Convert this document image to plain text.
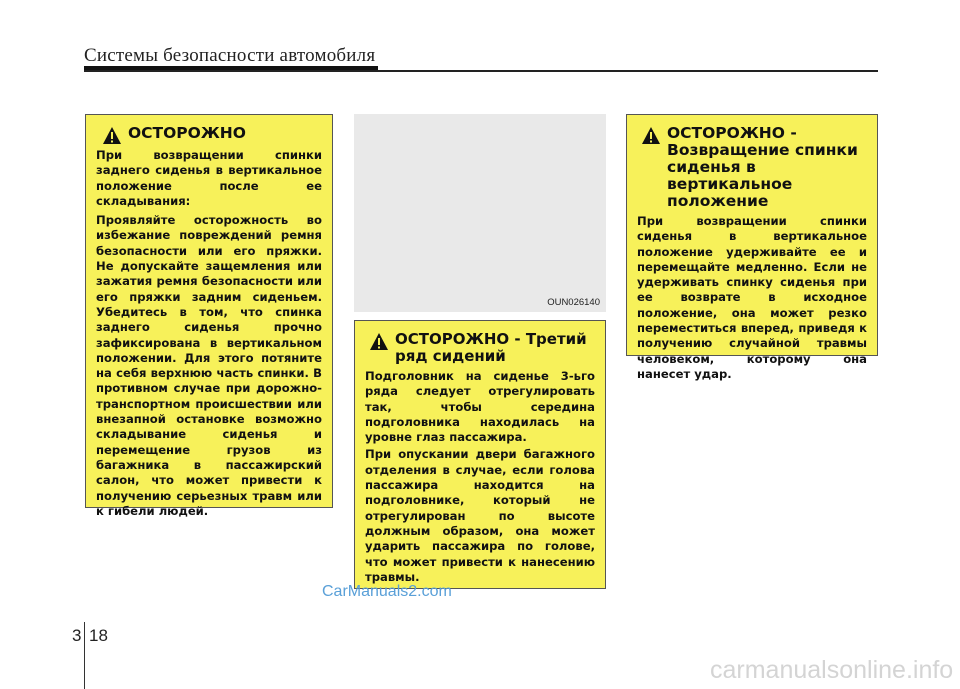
Системы безопасности автомобиля
ОСТОРОЖНО

При возвращении спинки заднего сиденья в вертикальное положение после ее складывания:

Проявляйте осторожность во избежание повреждений ремня безопасности или его пряжки. Не допускайте защемления или зажатия ремня безопасности или его пряжки задним сиденьем. Убедитесь в том, что спинка заднего сиденья прочно зафиксирована в вертикальном положении. Для этого потяните на себя верхнюю часть спинки. В противном случае при дорожно-транспортном происшествии или внезапной остановке возможно складывание сиденья и перемещение грузов из багажника в пассажирский салон, что может привести к получению серьезных травм или к гибели людей.

OUN026140
ОСТОРОЖНО - Третий ряд сидений

Подголовник на сиденье 3-ьго ряда следует отрегулировать так, чтобы середина подголовника находилась на уровне глаз пассажира.

При опускании двери багажного отделения в случае, если голова пассажира находится на подголовнике, который не отрегулирован по высоте должным образом, она может ударить пассажира по голове, что может привести к нанесению травмы.

ОСТОРОЖНО -
Возвращение спинки сиденья в вертикальное положение

При возвращении спинки сиденья в вертикальное положение удерживайте ее и перемещайте медленно. Если не удерживать спинку сиденья при ее возврате в исходное положение, она может резко переместиться вперед, приведя к получению случайной травмы человеком, которому она нанесет удар.

CarManuals2.com
3 18
carmanualsonline.info
